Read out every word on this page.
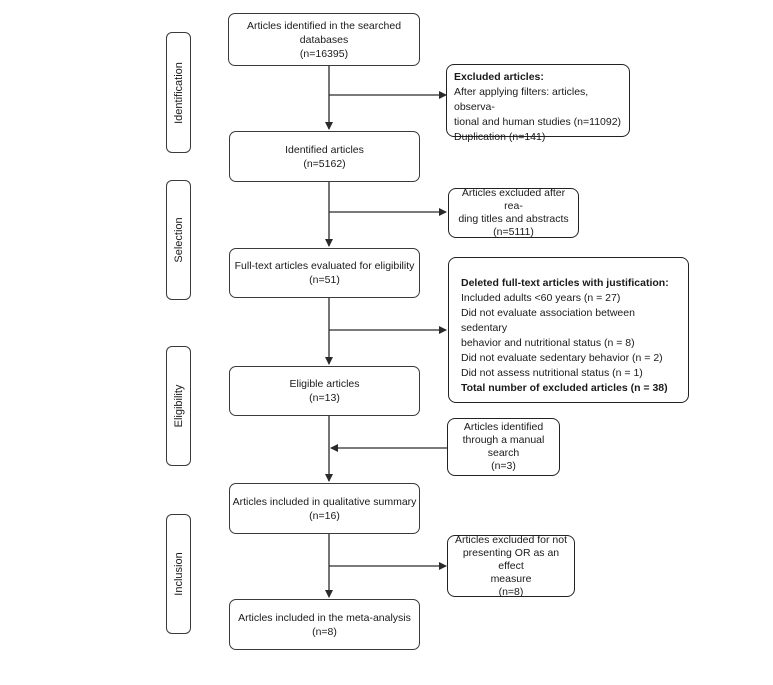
Identification
Selection
Eligibility
Inclusion
Articles identified in the searched
databases
(n=16395)
Identified articles
(n=5162)
Full-text articles evaluated for eligibility
(n=51)
Eligible articles
(n=13)
Articles included in qualitative summary
(n=16)
Articles included in the meta-analysis
(n=8)
Excluded articles:
After applying filters: articles, observa-
tional and human studies (n=11092)
Duplication (n=141)
Articles excluded after rea-
ding titles and abstracts
(n=5111)
Deleted full-text articles with justification:
Included adults <60 years (n = 27)
Did not evaluate association between sedentary
behavior and nutritional status (n = 8)
Did not evaluate sedentary behavior (n = 2)
Did not assess nutritional status (n = 1)
Total number of excluded articles (n = 38)
Articles identified
through a manual
search
(n=3)
Articles excluded for not
presenting OR as an effect
measure
(n=8)
